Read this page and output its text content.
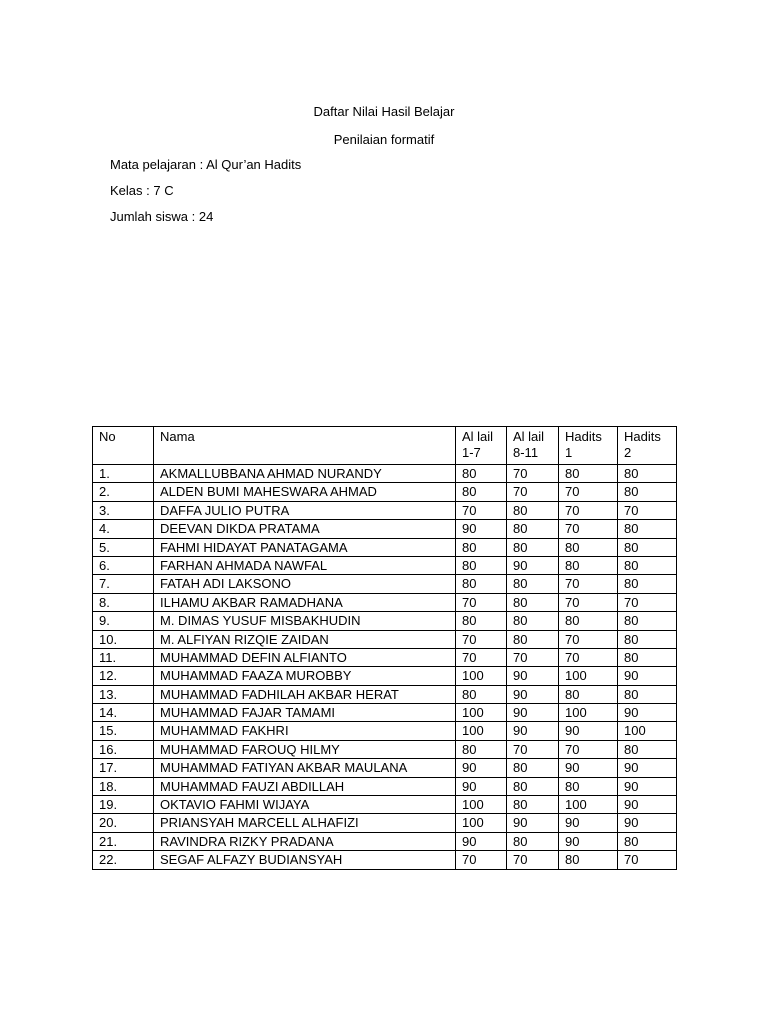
Daftar Nilai Hasil Belajar
Penilaian formatif
Mata pelajaran : Al Qur’an Hadits
Kelas : 7 C
Jumlah siswa : 24
No	Nama	Al lail 1-7	Al lail 8-11	Hadits 1	Hadits 2
1.	AKMALLUBBANA AHMAD NURANDY	80	70	80	80
2.	ALDEN BUMI MAHESWARA AHMAD	80	70	70	80
3.	DAFFA JULIO PUTRA	70	80	70	70
4.	DEEVAN DIKDA PRATAMA	90	80	70	80
5.	FAHMI HIDAYAT PANATAGAMA	80	80	80	80
6.	FARHAN AHMADA NAWFAL	80	90	80	80
7.	FATAH ADI LAKSONO	80	80	70	80
8.	ILHAMU AKBAR RAMADHANA	70	80	70	70
9.	M. DIMAS YUSUF MISBAKHUDIN	80	80	80	80
10.	M. ALFIYAN RIZQIE ZAIDAN	70	80	70	80
11.	MUHAMMAD DEFIN ALFIANTO	70	70	70	80
12.	MUHAMMAD FAAZA MUROBBY	100	90	100	90
13.	MUHAMMAD FADHILAH AKBAR HERAT	80	90	80	80
14.	MUHAMMAD FAJAR TAMAMI	100	90	100	90
15.	MUHAMMAD FAKHRI	100	90	90	100
16.	MUHAMMAD FAROUQ HILMY	80	70	70	80
17.	MUHAMMAD FATIYAN AKBAR MAULANA	90	80	90	90
18.	MUHAMMAD FAUZI ABDILLAH	90	80	80	90
19.	OKTAVIO FAHMI WIJAYA	100	80	100	90
20.	PRIANSYAH MARCELL ALHAFIZI	100	90	90	90
21.	RAVINDRA RIZKY PRADANA	90	80	90	80
22.	SEGAF ALFAZY BUDIANSYAH	70	70	80	70
